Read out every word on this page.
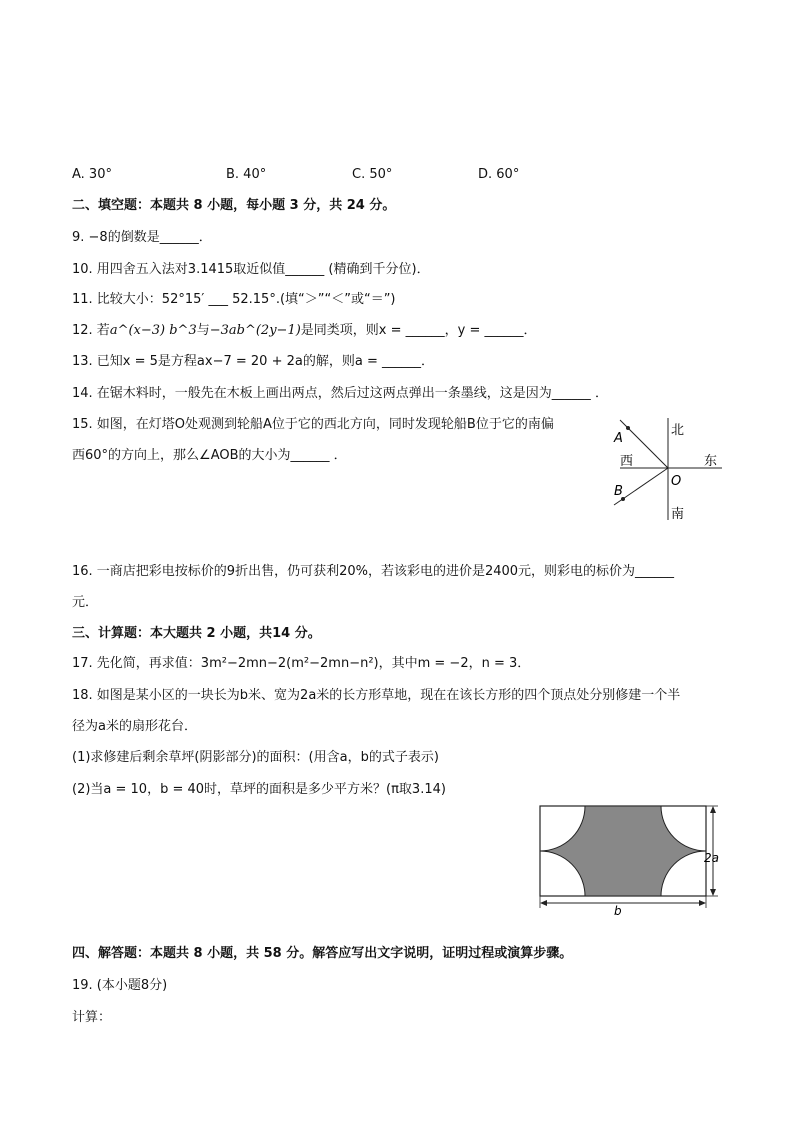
A. 30°	B. 40°	C. 50°	D. 60°
二、填空题：本题共 8 小题，每小题 3 分，共 24 分。
9. −8的倒数是______．
10. 用四舍五入法对3.1415取近似值______ (精确到千分位)．
11. 比较大小：52°15′ ___ 52.15°.(填“＞”“＜”或“＝”)
12. 若a^(x−3) b^3与−3ab^(2y−1)是同类项，则x = ______，y = ______．
13. 已知x = 5是方程ax−7 = 20 + 2a的解，则a = ______．
14. 在锯木料时，一般先在木板上画出两点，然后过这两点弹出一条墨线，这是因为______ ．
15. 如图，在灯塔O处观测到轮船A位于它的西北方向，同时发现轮船B位于它的南偏
西60°的方向上，那么∠AOB的大小为______ ．
北
东
西
南
A
B
O
16. 一商店把彩电按标价的9折出售，仍可获利20%，若该彩电的进价是2400元，则彩电的标价为______
元．
三、计算题：本大题共 2 小题，共14 分。
17. 先化简，再求值：3m²−2mn−2(m²−2mn−n²)，其中m = −2，n = 3．
18. 如图是某小区的一块长为b米、宽为2a米的长方形草地，现在在该长方形的四个顶点处分别修建一个半
径为a米的扇形花台．
(1)求修建后剩余草坪(阴影部分)的面积：(用含a，b的式子表示)
(2)当a = 10，b = 40时，草坪的面积是多少平方米？(π取3.14)
2a
b
四、解答题：本题共 8 小题，共 58 分。解答应写出文字说明，证明过程或演算步骤。
19. (本小题8分)
计算：
